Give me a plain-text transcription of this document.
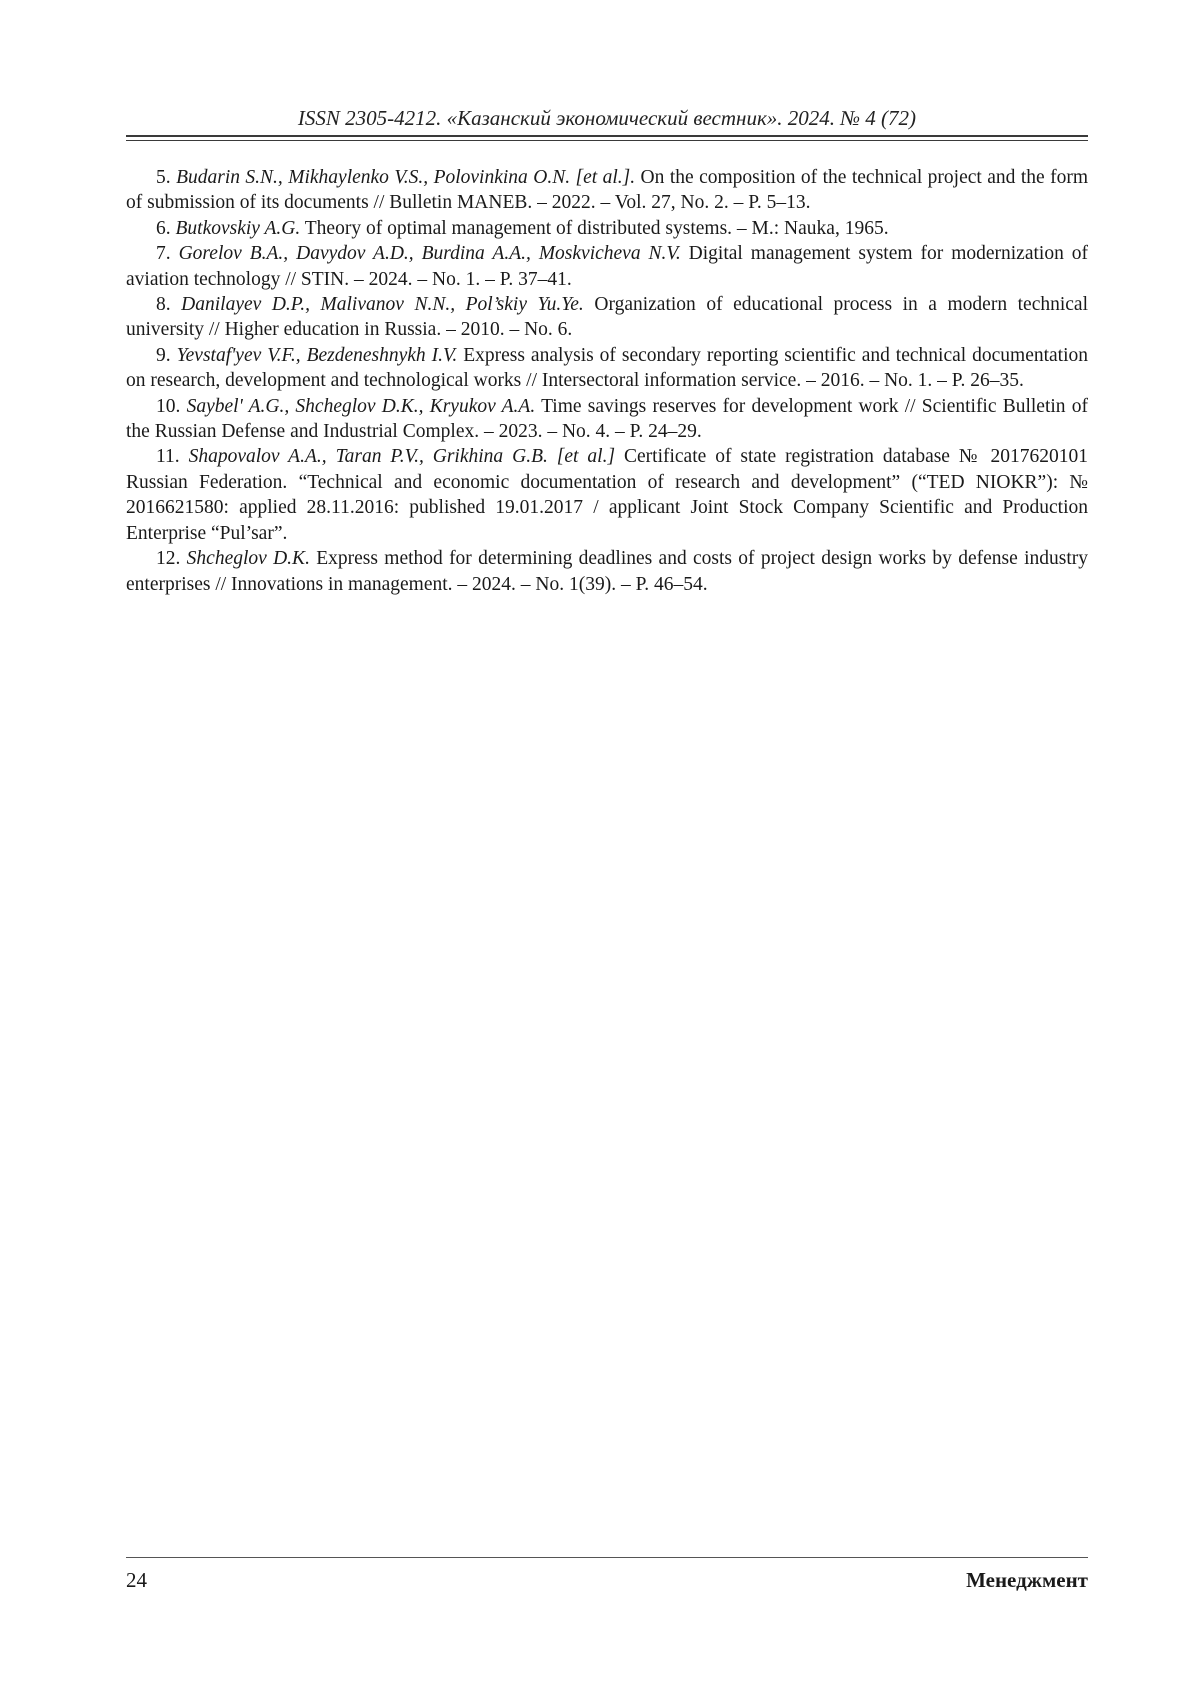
ISSN 2305-4212. «Казанский экономический вестник». 2024. № 4 (72)

5. Budarin S.N., Mikhaylenko V.S., Polovinkina O.N. [et al.]. On the composition of the technical project and the form of submission of its documents // Bulletin MANEB. – 2022. – Vol. 27, No. 2. – P. 5–13.

6. Butkovskiy A.G. Theory of optimal management of distributed systems. – M.: Nauka, 1965.

7. Gorelov B.A., Davydov A.D., Burdina A.A., Moskvicheva N.V. Digital management system for modernization of aviation technology // STIN. – 2024. – No. 1. – P. 37–41.

8. Danilayev D.P., Malivanov N.N., Pol’skiy Yu.Ye. Organization of educational process in a modern technical university // Higher education in Russia. – 2010. – No. 6.

9. Yevstaf'yev V.F., Bezdeneshnykh I.V. Express analysis of secondary reporting scientific and technical documentation on research, development and technological works // Intersectoral information service. – 2016. – No. 1. – P. 26–35.

10. Saybel' A.G., Shcheglov D.K., Kryukov A.A. Time savings reserves for development work // Scientific Bulletin of the Russian Defense and Industrial Complex. – 2023. – No. 4. – P. 24–29.

11. Shapovalov A.A., Taran P.V., Grikhina G.B. [et al.] Certificate of state registration database № 2017620101 Russian Federation. “Technical and economic documentation of research and development” (“TED NIOKR”): № 2016621580: applied 28.11.2016: published 19.01.2017 / applicant Joint Stock Company Scientific and Production Enterprise “Pul’sar”.

12. Shcheglov D.K. Express method for determining deadlines and costs of project design works by defense industry enterprises // Innovations in management. – 2024. – No. 1(39). – P. 46–54.

24	Менеджмент
